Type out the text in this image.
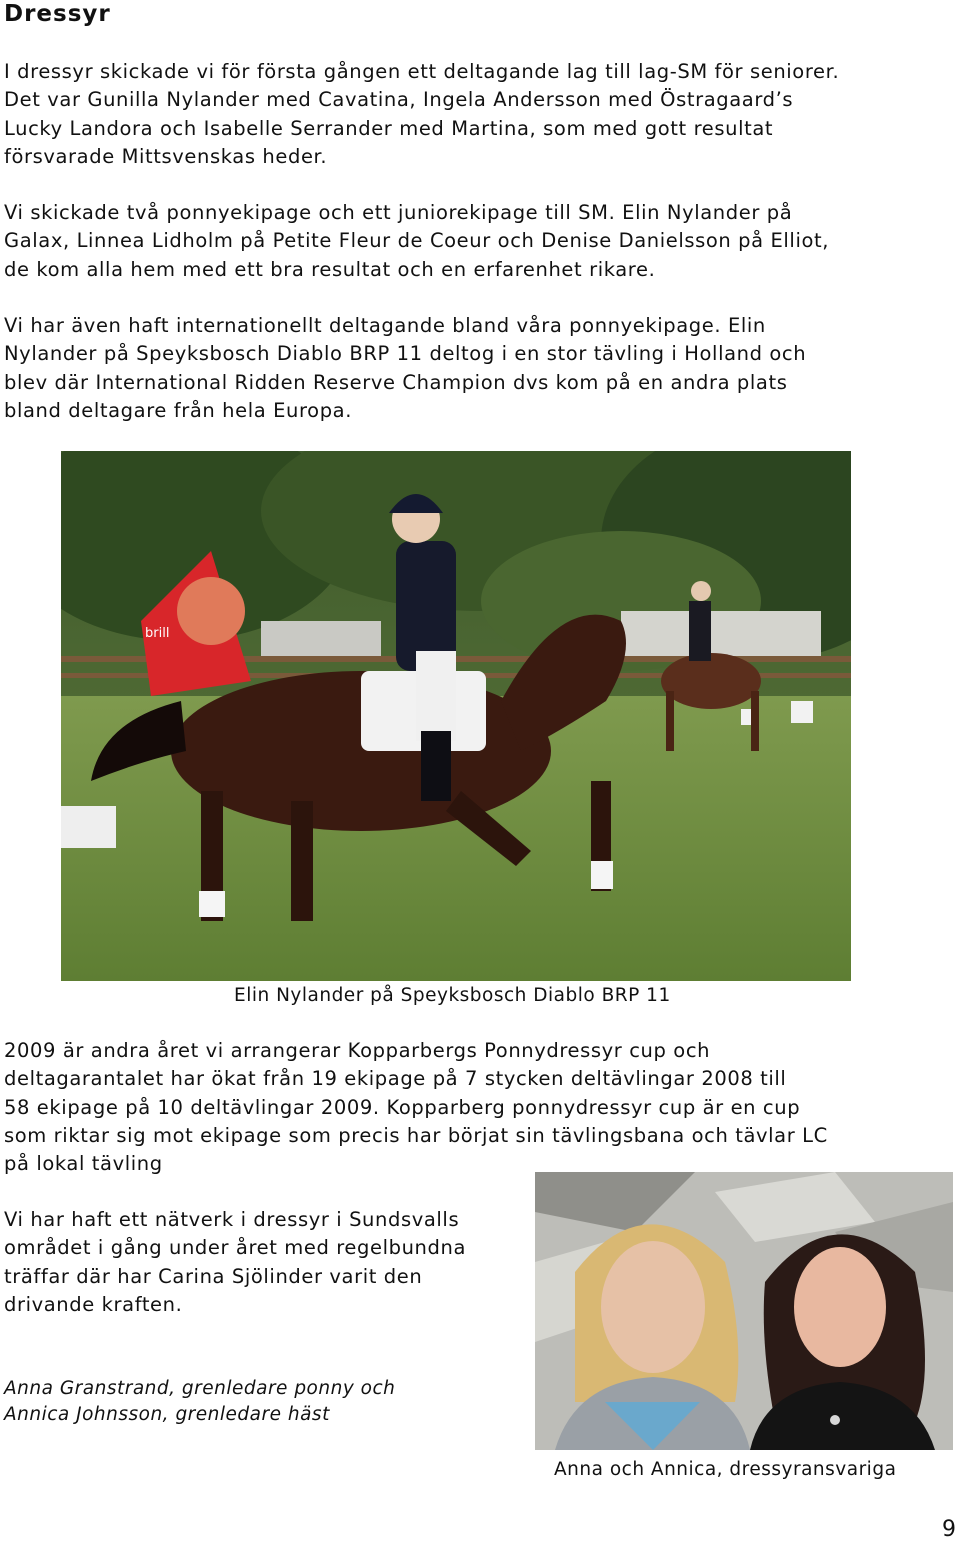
Dressyr

I dressyr skickade vi för första gången ett deltagande lag till lag-SM för seniorer.
Det var Gunilla Nylander med Cavatina, Ingela Andersson med Östragaard’s
Lucky Landora och Isabelle Serrander med Martina, som med gott resultat
försvarade Mittsvenskas heder.

Vi skickade två ponnyekipage och ett juniorekipage till SM. Elin Nylander på
Galax, Linnea Lidholm på Petite Fleur de Coeur och Denise Danielsson på Elliot,
de kom alla hem med ett bra resultat och en erfarenhet rikare.

Vi har även haft internationellt deltagande bland våra ponnyekipage. Elin
Nylander på Speyksbosch Diablo BRP 11 deltog i en stor tävling i Holland och
blev där International Ridden Reserve Champion dvs kom på en andra plats
bland deltagare från hela Europa.

brill

Elin Nylander på Speyksbosch Diablo BRP 11

2009 är andra året vi arrangerar Kopparbergs Ponnydressyr cup och
deltagarantalet har ökat från 19 ekipage på 7 stycken deltävlingar 2008 till
58 ekipage på 10 deltävlingar 2009. Kopparberg ponnydressyr cup är en cup
som riktar sig mot ekipage som precis har börjat sin tävlingsbana och tävlar LC
på lokal tävling

Vi har haft ett nätverk i dressyr i Sundsvalls
området i gång under året med regelbundna
träffar där har Carina Sjölinder varit den
drivande kraften.

Anna Granstrand, grenledare ponny och
Annica Johnsson, grenledare häst

Anna och Annica, dressyransvariga

9
